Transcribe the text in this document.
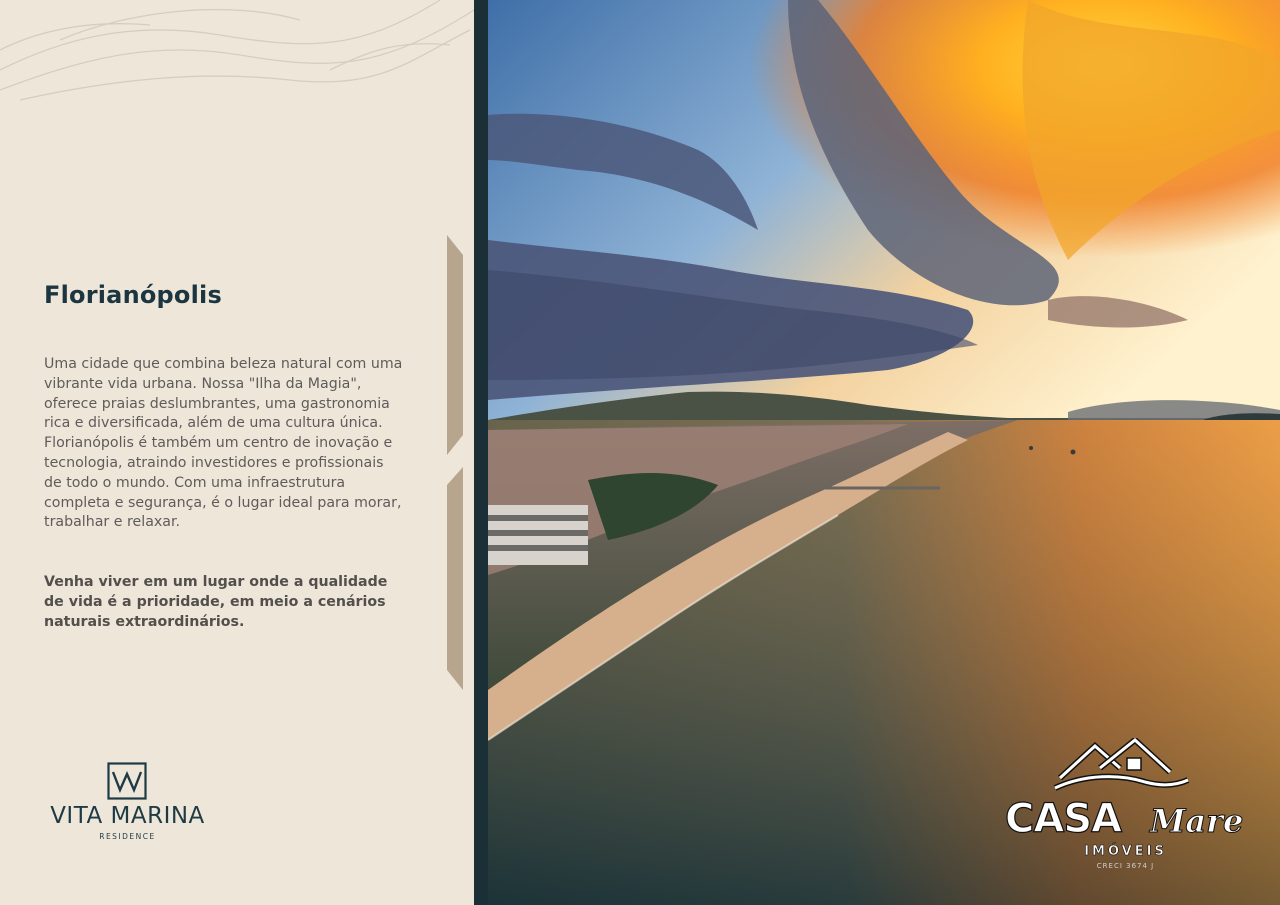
Florianópolis

Uma cidade que combina beleza natural com uma vibrante vida urbana. Nossa "Ilha da Magia", oferece praias deslumbrantes, uma gastronomia rica e diversificada, além de uma cultura única. Florianópolis é também um centro de inovação e tecnologia, atraindo investidores e profissionais de todo o mundo. Com uma infraestrutura completa e segurança, é o lugar ideal para morar, trabalhar e relaxar.

Venha viver em um lugar onde a qualidade de vida é a prioridade, em meio a cenários naturais extraordinários.

VITA MARINA
RESIDENCE	CASA Mare
IMÓVEIS
CRECI 3674 J
